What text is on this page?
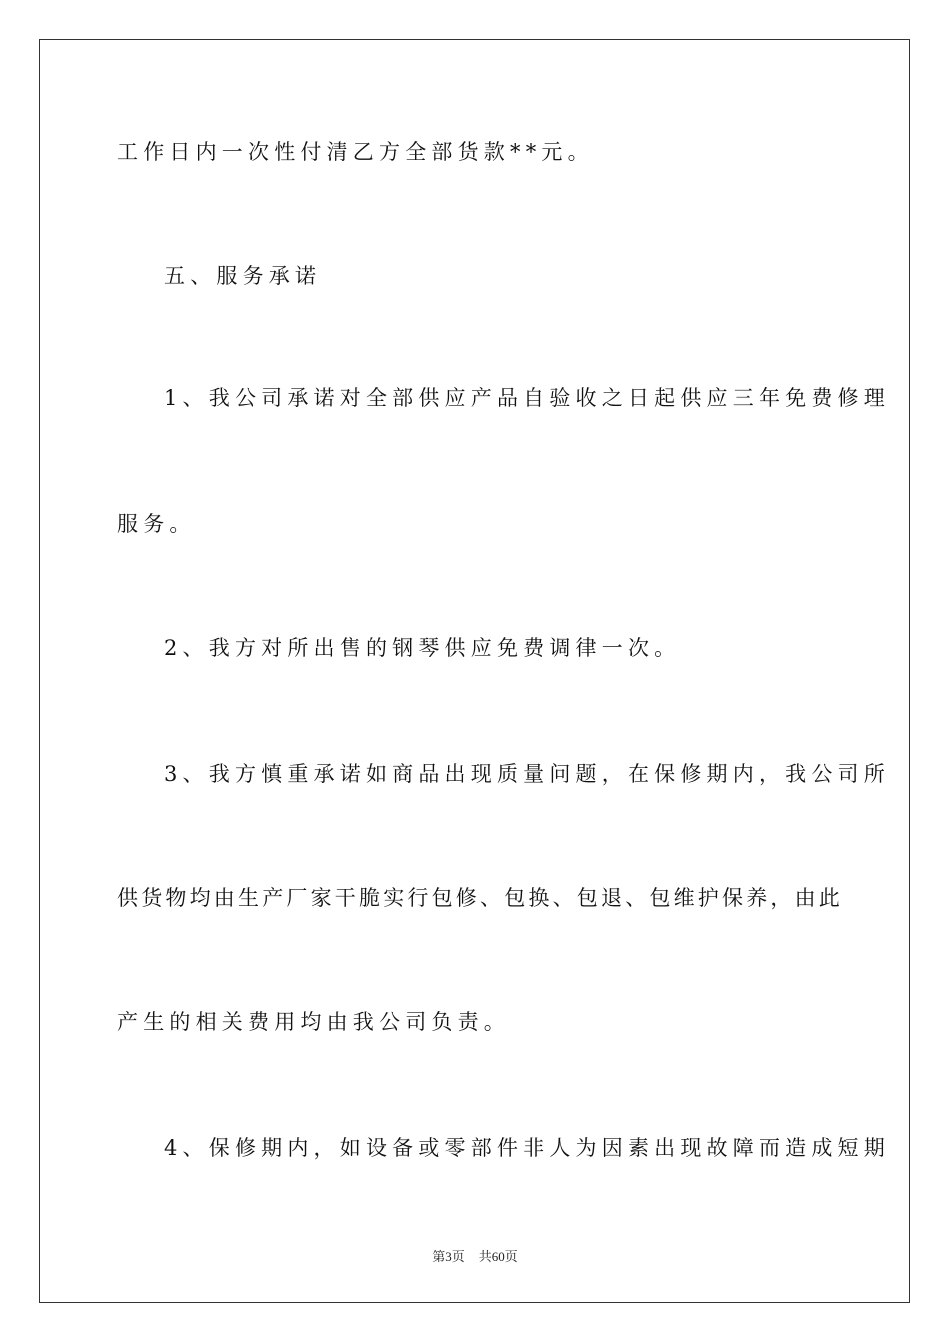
工作日内一次性付清乙方全部货款**元。
五、服务承诺
1、我公司承诺对全部供应产品自验收之日起供应三年免费修理
服务。
2、我方对所出售的钢琴供应免费调律一次。
3、我方慎重承诺如商品出现质量问题，在保修期内，我公司所
供货物均由生产厂家干脆实行包修、包换、包退、包维护保养，由此
产生的相关费用均由我公司负责。
4、保修期内，如设备或零部件非人为因素出现故障而造成短期
第3页 共60页
